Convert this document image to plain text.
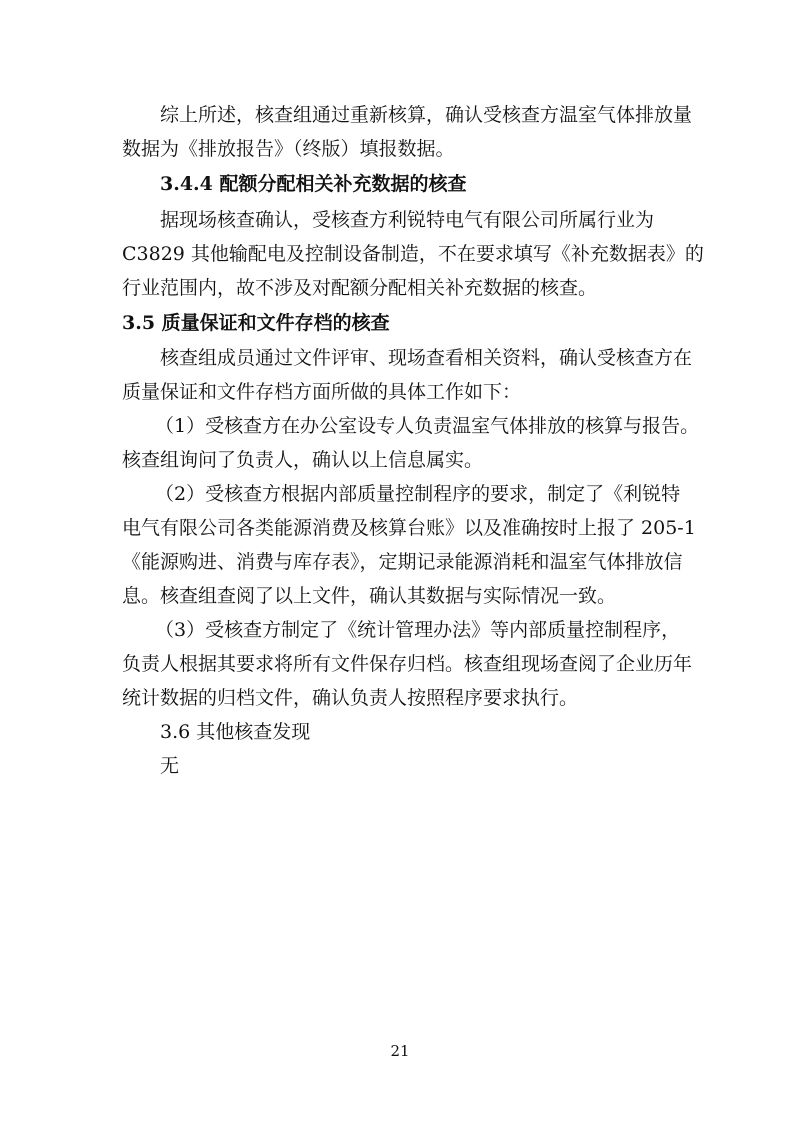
综上所述，核查组通过重新核算，确认受核查方温室气体排放量

数据为《排放报告》（终版）填报数据。

3.4.4 配额分配相关补充数据的核查

据现场核查确认，受核查方利锐特电气有限公司所属行业为

C3829 其他输配电及控制设备制造，不在要求填写《补充数据表》的

行业范围内，故不涉及对配额分配相关补充数据的核查。

3.5 质量保证和文件存档的核查

核查组成员通过文件评审、现场查看相关资料，确认受核查方在

质量保证和文件存档方面所做的具体工作如下：

（1）受核查方在办公室设专人负责温室气体排放的核算与报告。

核查组询问了负责人，确认以上信息属实。

（2）受核查方根据内部质量控制程序的要求，制定了《利锐特

电气有限公司各类能源消费及核算台账》以及准确按时上报了 205-1

《能源购进、消费与库存表》，定期记录能源消耗和温室气体排放信

息。核查组查阅了以上文件，确认其数据与实际情况一致。

（3）受核查方制定了《统计管理办法》等内部质量控制程序，

负责人根据其要求将所有文件保存归档。核查组现场查阅了企业历年

统计数据的归档文件，确认负责人按照程序要求执行。

3.6 其他核查发现

无

21
